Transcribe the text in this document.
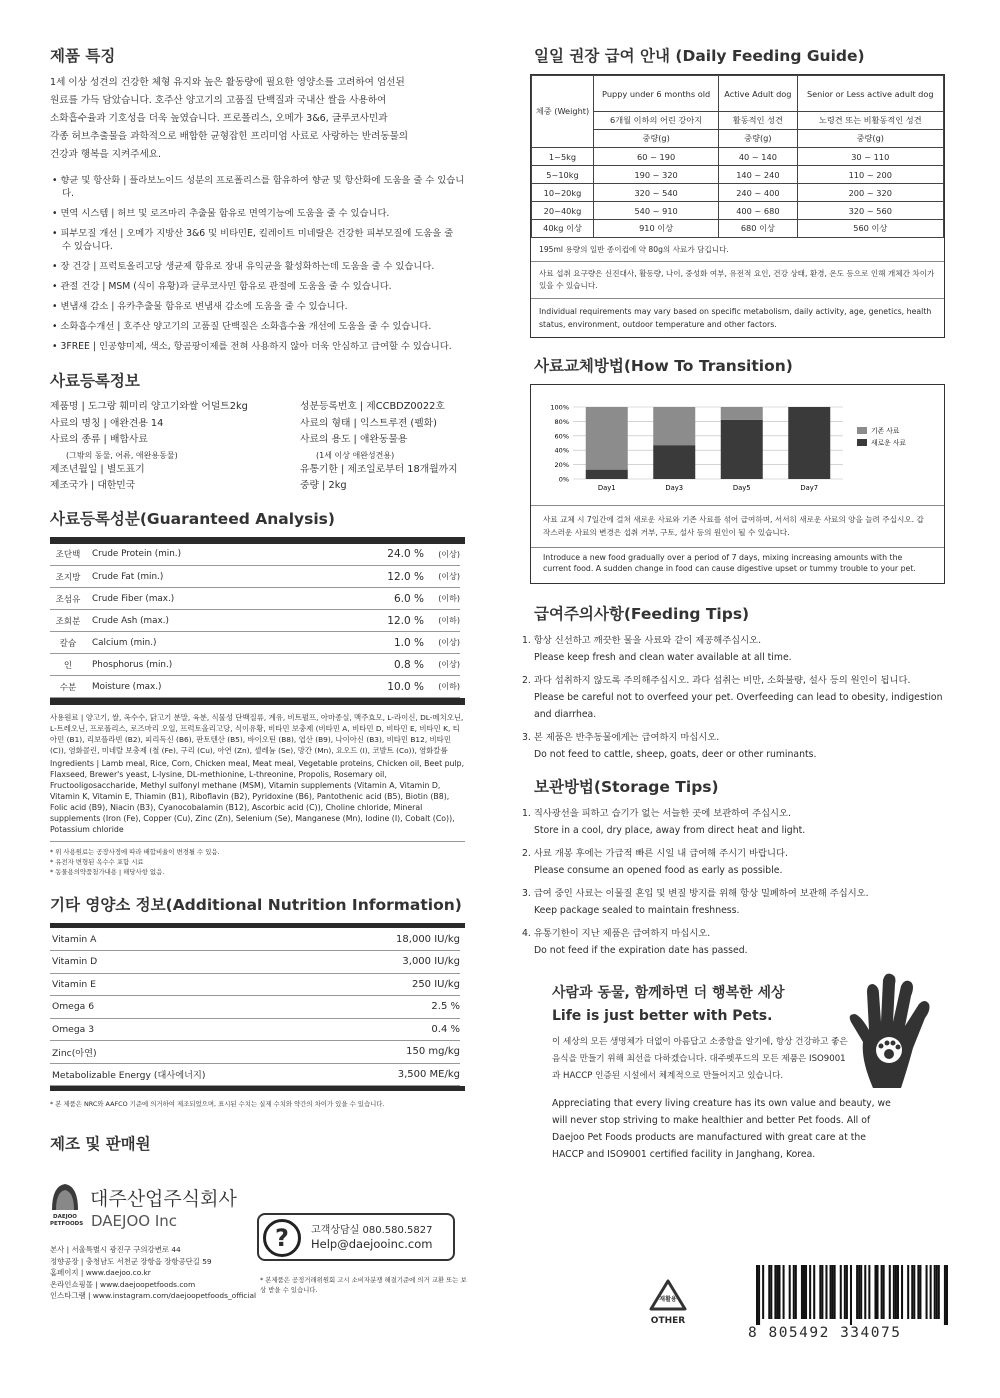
제품 특징
1세 이상 성견의 건강한 체형 유지와 높은 활동량에 필요한 영양소를 고려하여 엄선된
원료를 가득 담았습니다. 호주산 양고기의 고품질 단백질과 국내산 쌀을 사용하여
소화흡수율과 기호성을 더욱 높였습니다. 프로폴리스, 오메가 3&6, 글루코사민과
각종 허브추출물을 과학적으로 배합한 균형잡힌 프리미엄 사료로 사랑하는 반려동물의
건강과 행복을 지켜주세요.
• 향균 및 항산화 | 플라보노이드 성분의 프로폴리스를 함유하여 향균 및 항산화에 도움을 줄 수 있습니다.
• 면역 시스템 | 허브 및 로즈마리 추출물 함유로 면역기능에 도움을 줄 수 있습니다.
• 피부모질 개선 | 오메가 지방산 3&6 및 비타민E, 킬레이트 미네랄은 건강한 피부모질에 도움을 줄 수 있습니다.
• 장 건강 | 프럭토올리고당 생균제 함유로 장내 유익균을 활성화하는데 도움을 줄 수 있습니다.
• 관절 건강 | MSM (식이 유황)과 글루코사민 함유로 관절에 도움을 줄 수 있습니다.
• 변냄새 감소 | 유카추출물 함유로 변냄새 감소에 도움을 줄 수 있습니다.
• 소화흡수개선 | 호주산 양고기의 고품질 단백질은 소화흡수율 개선에 도움을 줄 수 있습니다.
• 3FREE | 인공향미제, 색소, 항곰팡이제를 전혀 사용하지 않아 더욱 안심하고 급여할 수 있습니다.
사료등록정보
제품명 | 도그랑 훼미리 양고기와쌀 어덜트2kg	성분등록번호 | 제CCBDZ0022호
사료의 명칭 | 애완견용 14	사료의 형태 | 익스트루젼 (펠화)
사료의 종류 | 배합사료	사료의 용도 | 애완동물용
(그밖의 동물, 어류, 애완용동물)	(1세 이상 애완성견용)
제조년월일 | 별도표기	유통기한 | 제조일로부터 18개월까지
제조국가 | 대한민국	중량 | 2kg
사료등록성분(Guaranteed Analysis)
조단백	Crude Protein (min.)	24.0 %	(이상)
조지방	Crude Fat (min.)	12.0 %	(이상)
조섬유	Crude Fiber (max.)	6.0 %	(이하)
조회분	Crude Ash (max.)	12.0 %	(이하)
칼슘	Calcium (min.)	1.0 %	(이상)
인	Phosphorus (min.)	0.8 %	(이상)
수분	Moisture (max.)	10.0 %	(이하)
사용원료 | 양고기, 쌀, 옥수수, 닭고기 분말, 육분, 식물성 단백질류, 계유, 비트펄프, 아마종실, 맥주효모, L-라이신, DL-메치오닌, L-트레오닌, 프로폴리스, 로즈마리 오일, 프럭토올리고당, 식이유황, 비타민 보충제 (비타민 A, 비타민 D, 비타민 E, 비타민 K, 티아민 (B1), 리보플라빈 (B2), 피리독신 (B6), 판토텐산 (B5), 바이오틴 (B8), 엽산 (B9), 나이아신 (B3), 비타민 B12, 비타민 (C)), 염화콜린, 미네랄 보충제 (철 (Fe), 구리 (Cu), 아연 (Zn), 셀레늄 (Se), 망간 (Mn), 요오드 (I), 코발트 (Co)), 염화칼륨
Ingredients | Lamb meal, Rice, Corn, Chicken meal, Meat meal, Vegetable proteins, Chicken oil, Beet pulp, Flaxseed, Brewer's yeast, L-lysine, DL-methionine, L-threonine, Propolis, Rosemary oil, Fructooligosaccharide, Methyl sulfonyl methane (MSM), Vitamin supplements (Vitamin A, Vitamin D, Vitamin K, Vitamin E, Thiamin (B1), Riboflavin (B2), Pyridoxine (B6), Pantothenic acid (B5), Biotin (B8), Folic acid (B9), Niacin (B3), Cyanocobalamin (B12), Ascorbic acid (C)), Choline chloride, Mineral supplements (Iron (Fe), Copper (Cu), Zinc (Zn), Selenium (Se), Manganese (Mn), Iodine (I), Cobalt (Co)), Potassium chloride
* 위 사용원료는 공장사정에 따라 배합비율이 변경될 수 있음.
* 유전자 변형된 옥수수 포함 시료
* 동물용의약품첨가내용 | 해당사항 없음.
기타 영양소 정보(Additional Nutrition Information)
Vitamin A	18,000 IU/kg
Vitamin D	3,000 IU/kg
Vitamin E	250 IU/kg
Omega 6	2.5 %
Omega 3	0.4 %
Zinc(아연)	150 mg/kg
Metabolizable Energy (대사에너지)	3,500 ME/kg
* 본 제품은 NRC와 AAFCO 기준에 의거하여 제조되었으며, 표시된 수치는 실제 수치와 약간의 차이가 있을 수 있습니다.
제조 및 판매원
DAEJOO PETFOODS
대주산업주식회사
DAEJOO Inc
본사 | 서울특별시 광진구 구의강변로 44
정향공장 | 충청남도 서천군 장항읍 장항공단길 59
홈페이지 | www.daejoo.co.kr
온라인쇼핑몰 | www.daejoopetfoods.com
인스타그램 | www.instagram.com/daejoopetfoods_official
?	고객상담실 080.580.5827
Help@daejooinc.com
* 본제품은 공정거래위원회 고시 소비자분쟁 해결기준에 의거 교환 또는 보상 받을 수 있습니다.
일일 권장 급여 안내 (Daily Feeding Guide)
체중 (Weight)	Puppy under 6 months old	Active Adult dog	Senior or Less active adult dog
	6개월 이하의 어린 강아지	활동적인 성견	노령견 또는 비활동적인 성견
	중량(g)	중량(g)	중량(g)
1~5kg	60 ~ 190	40 ~ 140	30 ~ 110
5~10kg	190 ~ 320	140 ~ 240	110 ~ 200
10~20kg	320 ~ 540	240 ~ 400	200 ~ 320
20~40kg	540 ~ 910	400 ~ 680	320 ~ 560
40kg 이상	910 이상	680 이상	560 이상
195ml 용량의 일반 종이컵에 약 80g의 사료가 담깁니다.
사료 섭취 요구량은 신진대사, 활동량, 나이, 중성화 여부, 유전적 요인, 건강 상태, 환경, 온도 등으로 인해 개체간 차이가 있을 수 있습니다.
Individual requirements may vary based on specific metabolism, daily activity, age, genetics, health status, environment, outdoor temperature and other factors.
사료교체방법(How To Transition)
0%
20%
40%
60%
80%
100%
Day1	Day3	Day5	Day7
기존 사료
새로운 사료
사료 교체 시 7일간에 걸쳐 새로운 사료와 기존 사료를 섞어 급여하며, 서서히 새로운 사료의 양을 늘려 주십시오. 갑작스러운 사료의 변경은 섭취 거부, 구토, 설사 등의 원인이 될 수 있습니다.
Introduce a new food gradually over a period of 7 days, mixing increasing amounts with the current food. A sudden change in food can cause digestive upset or tummy trouble to your pet.
급여주의사항(Feeding Tips)
1. 항상 신선하고 깨끗한 물을 사료와 같이 제공해주십시오.
Please keep fresh and clean water available at all time.
2. 과다 섭취하지 않도록 주의해주십시오. 과다 섭취는 비만, 소화불량, 설사 등의 원인이 됩니다.
Please be careful not to overfeed your pet. Overfeeding can lead to obesity, indigestion and diarrhea.
3. 본 제품은 반추동물에게는 급여하지 마십시오.
Do not feed to cattle, sheep, goats, deer or other ruminants.
보관방법(Storage Tips)
1. 직사광선을 피하고 습기가 없는 서늘한 곳에 보관하여 주십시오.
Store in a cool, dry place, away from direct heat and light.
2. 사료 개봉 후에는 가급적 빠른 시일 내 급여해 주시기 바랍니다.
Please consume an opened food as early as possible.
3. 급여 중인 사료는 이물질 혼입 및 변질 방지를 위해 항상 밀폐하여 보관해 주십시오.
Keep package sealed to maintain freshness.
4. 유통기한이 지난 제품은 급여하지 마십시오.
Do not feed if the expiration date has passed.
사람과 동물, 함께하면 더 행복한 세상
Life is just better with Pets.
이 세상의 모든 생명체가 더없이 아름답고 소중함을 알기에, 항상 건강하고 좋은 음식을 만들기 위해 최선을 다하겠습니다. 대주펫푸드의 모든 제품은 ISO9001과 HACCP 인증된 시설에서 체계적으로 만들어지고 있습니다.
Appreciating that every living creature has its own value and beauty, we will never stop striving to make healthier and better Pet foods. All of Daejoo Pet Foods products are manufactured with great care at the HACCP and ISO9001 certified facility in Janghang, Korea.
재활용
OTHER
8 805492 334075
